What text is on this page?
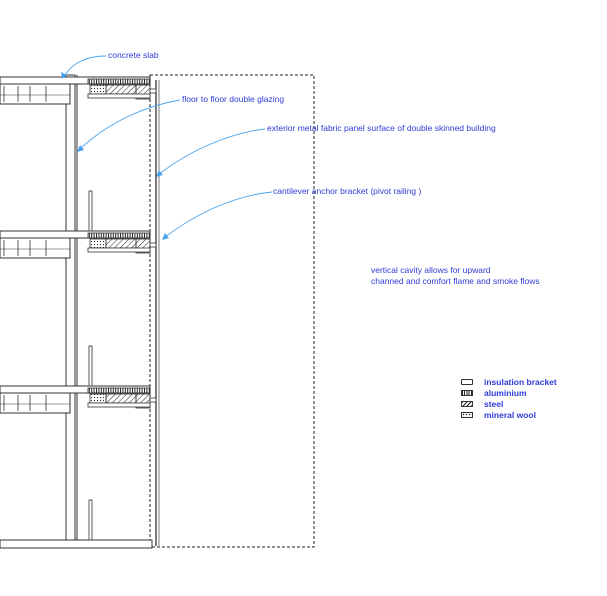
concrete slab
floor to floor double glazing
exterior metal fabric panel surface of double skinned building
cantilever anchor bracket (pivot railing )
vertical cavity allows for upward
channed and comfort flame and smoke flows
insulation bracket
aluminium
steel
mineral wool
